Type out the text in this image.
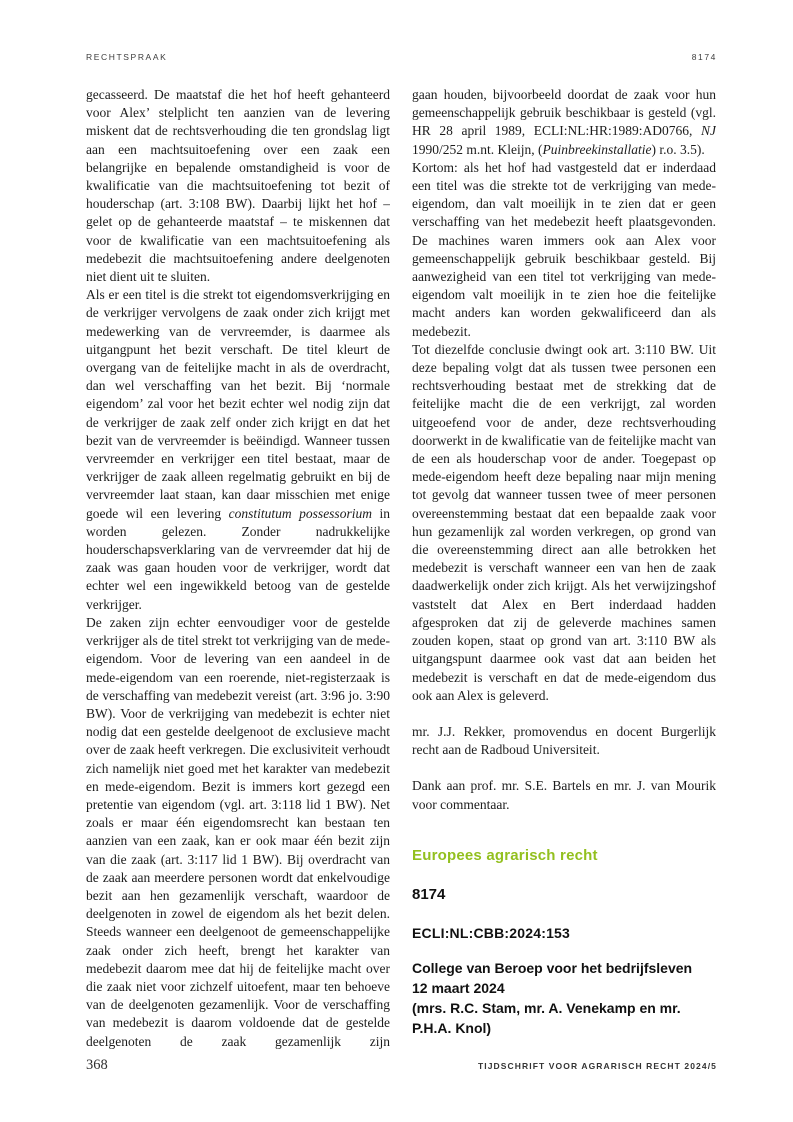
RECHTSPRAAK	8174

gecasseerd. De maatstaf die het hof heeft gehanteerd voor Alex’ stelplicht ten aanzien van de levering miskent dat de rechtsverhouding die ten grondslag ligt aan een machtsuitoefening over een zaak een belangrijke en bepalende omstandigheid is voor de kwalificatie van die machtsuitoefening tot bezit of houderschap (art. 3:108 BW). Daarbij lijkt het hof – gelet op de gehanteerde maatstaf – te miskennen dat voor de kwalificatie van een machtsuitoefening als medebezit die machtsuitoefening andere deelgenoten niet dient uit te sluiten.

Als er een titel is die strekt tot eigendomsverkrijging en de verkrijger vervolgens de zaak onder zich krijgt met medewerking van de vervreemder, is daarmee als uitgangpunt het bezit verschaft. De titel kleurt de overgang van de feitelijke macht in als de overdracht, dan wel verschaffing van het bezit. Bij ‘normale eigendom’ zal voor het bezit echter wel nodig zijn dat de verkrijger de zaak zelf onder zich krijgt en dat het bezit van de vervreemder is beëindigd. Wanneer tussen vervreemder en verkrijger een titel bestaat, maar de verkrijger de zaak alleen regelmatig gebruikt en bij de vervreemder laat staan, kan daar misschien met enige goede wil een levering constitutum possessorium in worden gelezen. Zonder nadrukkelijke houderschapsverklaring van de vervreemder dat hij de zaak was gaan houden voor de verkrijger, wordt dat echter wel een ingewikkeld betoog van de gestelde verkrijger.

De zaken zijn echter eenvoudiger voor de gestelde verkrijger als de titel strekt tot verkrijging van de mede-eigendom. Voor de levering van een aandeel in de mede-eigendom van een roerende, niet-registerzaak is de verschaffing van medebezit vereist (art. 3:96 jo. 3:90 BW). Voor de verkrijging van medebezit is echter niet nodig dat een gestelde deelgenoot de exclusieve macht over de zaak heeft verkregen. Die exclusiviteit verhoudt zich namelijk niet goed met het karakter van medebezit en mede-eigendom. Bezit is immers kort gezegd een pretentie van eigendom (vgl. art. 3:118 lid 1 BW). Net zoals er maar één eigendomsrecht kan bestaan ten aanzien van een zaak, kan er ook maar één bezit zijn van die zaak (art. 3:117 lid 1 BW). Bij overdracht van de zaak aan meerdere personen wordt dat enkelvoudige bezit aan hen gezamenlijk verschaft, waardoor de deelgenoten in zowel de eigendom als het bezit delen. Steeds wanneer een deelgenoot de gemeenschappelijke zaak onder zich heeft, brengt het karakter van medebezit daarom mee dat hij de feitelijke macht over die zaak niet voor zichzelf uitoefent, maar ten behoeve van de deelgenoten gezamenlijk. Voor de verschaffing van medebezit is daarom voldoende dat de gestelde deelgenoten de zaak gezamenlijk zijn

gaan houden, bijvoorbeeld doordat de zaak voor hun gemeenschappelijk gebruik beschikbaar is gesteld (vgl. HR 28 april 1989, ECLI:NL:HR:1989:AD0766, NJ 1990/252 m.nt. Kleijn, (Puinbreekinstallatie) r.o. 3.5).

Kortom: als het hof had vastgesteld dat er inderdaad een titel was die strekte tot de verkrijging van mede-eigendom, dan valt moeilijk in te zien dat er geen verschaffing van het medebezit heeft plaatsgevonden. De machines waren immers ook aan Alex voor gemeenschappelijk gebruik beschikbaar gesteld. Bij aanwezigheid van een titel tot verkrijging van mede-eigendom valt moeilijk in te zien hoe die feitelijke macht anders kan worden gekwalificeerd dan als medebezit.

Tot diezelfde conclusie dwingt ook art. 3:110 BW. Uit deze bepaling volgt dat als tussen twee personen een rechtsverhouding bestaat met de strekking dat de feitelijke macht die de een verkrijgt, zal worden uitgeoefend voor de ander, deze rechtsverhouding doorwerkt in de kwalificatie van de feitelijke macht van de een als houderschap voor de ander. Toegepast op mede-eigendom heeft deze bepaling naar mijn mening tot gevolg dat wanneer tussen twee of meer personen overeenstemming bestaat dat een bepaalde zaak voor hun gezamenlijk zal worden verkregen, op grond van die overeenstemming direct aan alle betrokken het medebezit is verschaft wanneer een van hen de zaak daadwerkelijk onder zich krijgt. Als het verwijzingshof vaststelt dat Alex en Bert inderdaad hadden afgesproken dat zij de geleverde machines samen zouden kopen, staat op grond van art. 3:110 BW als uitgangspunt daarmee ook vast dat aan beiden het medebezit is verschaft en dat de mede-eigendom dus ook aan Alex is geleverd.

mr. J.J. Rekker, promovendus en docent Burgerlijk recht aan de Radboud Universiteit.

Dank aan prof. mr. S.E. Bartels en mr. J. van Mourik voor commentaar.

Europees agrarisch recht
8174
ECLI:NL:CBB:2024:153
College van Beroep voor het bedrijfsleven
12 maart 2024
(mrs. R.C. Stam, mr. A. Venekamp en mr. P.H.A. Knol)
368	TIJDSCHRIFT VOOR AGRARISCH RECHT 2024/5
